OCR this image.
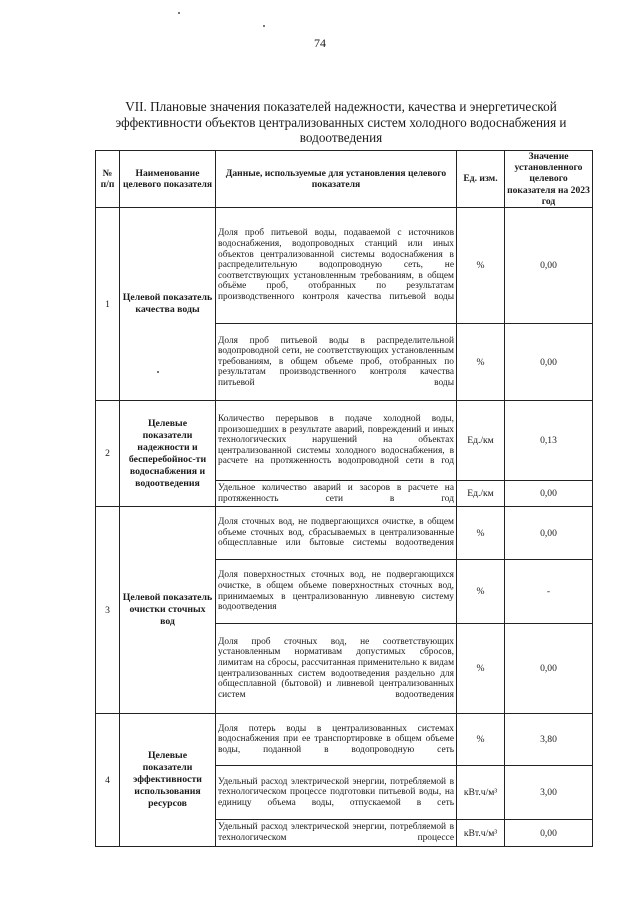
74
VII. Плановые значения показателей надежности, качества и энергетической
эффективности объектов централизованных систем холодного водоснабжения и
водоотведения
№ п/п	Наименование целевого показателя	Данные, используемые для установления целевого показателя	Ед. изм.	Значение установленного целевого показателя на 2023 год
1	Целевой показатель качества воды	Доля проб питьевой воды, подаваемой с источников водоснабжения, водопроводных станций или иных объектов централизованной системы водоснабжения в распределительную водопроводную сеть, не соответствующих установленным требованиям, в общем объёме проб, отобранных по результатам производственного контроля качества питьевой воды	%	0,00
		Доля проб питьевой воды в распределительной водопроводной сети, не соответствующих установленным требованиям, в общем объеме проб, отобранных по результатам производственного контроля качества питьевой воды	%	0,00
2	Целевые показатели надежности и бесперебойнос-ти водоснабжения и водоотведения	Количество перерывов в подаче холодной воды, произошедших в результате аварий, повреждений и иных технологических нарушений на объектах централизованной системы холодного водоснабжения, в расчете на протяженность водопроводной сети в год	Ед./км	0,13
		Удельное количество аварий и засоров в расчете на протяженность сети в год	Ед./км	0,00
3	Целевой показатель очистки сточных вод	Доля сточных вод, не подвергающихся очистке, в общем объеме сточных вод, сбрасываемых в централизованные общесплавные или бытовые системы водоотведения	%	0,00
		Доля поверхностных сточных вод, не подвергающихся очистке, в общем объеме поверхностных сточных вод, принимаемых в централизованную ливневую систему водоотведения	%	-
		Доля проб сточных вод, не соответствующих установленным нормативам допустимых сбросов, лимитам на сбросы, рассчитанная применительно к видам централизованных систем водоотведения раздельно для общесплавной (бытовой) и ливневой централизованных систем водоотведения	%	0,00
4	Целевые показатели эффективности использования ресурсов	Доля потерь воды в централизованных системах водоснабжения при ее транспортировке в общем объеме воды, поданной в водопроводную сеть	%	3,80
		Удельный расход электрической энергии, потребляемой в технологическом процессе подготовки питьевой воды, на единицу объема воды, отпускаемой в сеть	кВт.ч/м³	3,00
		Удельный расход электрической энергии, потребляемой в технологическом процессе	кВт.ч/м³	0,00
